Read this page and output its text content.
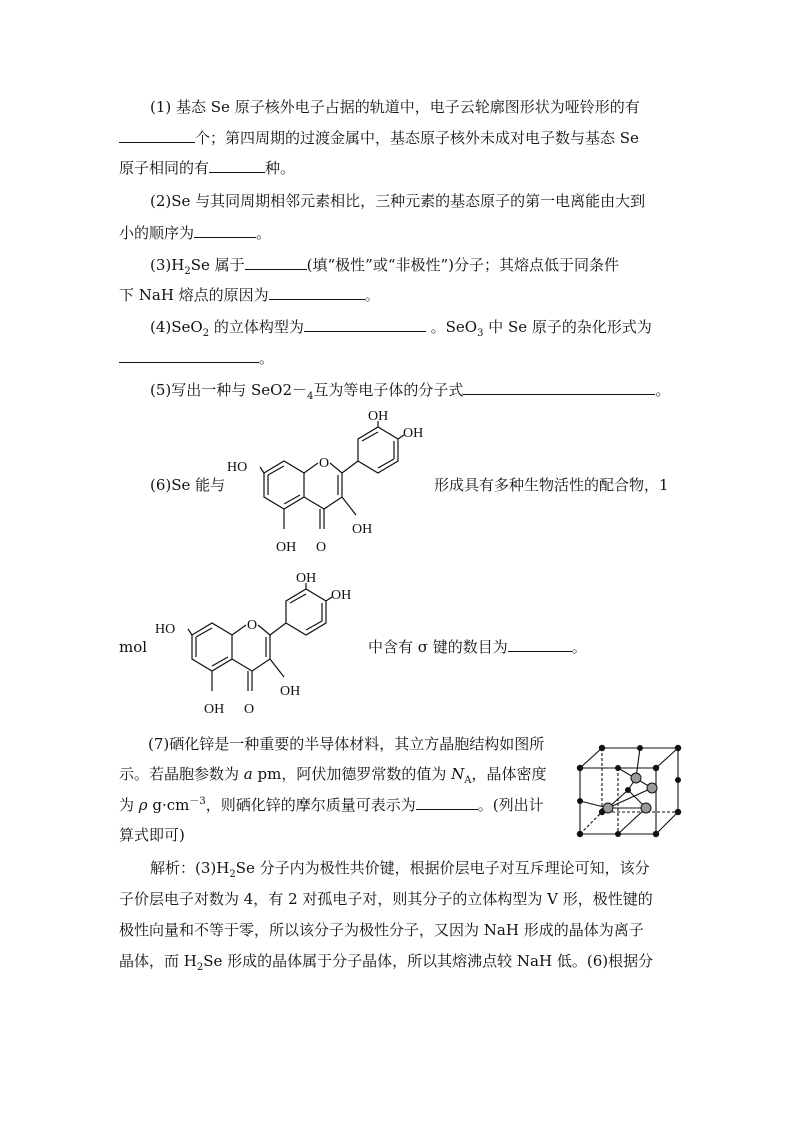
(1) 基态 Se 原子核外电子占据的轨道中，电子云轮廓图形状为哑铃形的有
个；第四周期的过渡金属中，基态原子核外未成对电子数与基态 Se
原子相同的有	种。
(2)Se 与其同周期相邻元素相比，三种元素的基态原子的第一电离能由大到
小的顺序为	。
$(3)H_2Se$ 属于	(填“极性”或“非极性”)分子；其熔点低于同条件
下 NaH 熔点的原因为	。
(4)SeO$_2$ 的立体构型为	。SeO$_3$ 中 Se 原子的杂化形式为
。
(5)写出一种与 $SeO2-_4$互为等电子体的分子式	。
(6)Se 能与	形成具有多种生物活性的配合物，1
OH
OH
HO	O
OH
OH O
mol	中含有 σ 键的数目为	。
OH
OH
HO	O
OH
OH O
(7)硒化锌是一种重要的半导体材料，其立方晶胞结构如图所
示。若晶胞参数为 a pm，阿伏加德罗常数的值为 $N_A$，晶体密度
为 ρ $g\cdot cm^{-3}$，则硒化锌的摩尔质量可表示为	。(列出计
算式即可)
解析：$(3)H_2Se$ 分子内为极性共价键，根据价层电子对互斥理论可知，该分
子价层电子对数为 4，有 2 对孤电子对，则其分子的立体构型为 V 形，极性键的
极性向量和不等于零，所以该分子为极性分子，又因为 NaH 形成的晶体为离子
晶体，而 $H_2Se$ 形成的晶体属于分子晶体，所以其熔沸点较 NaH 低。(6)根据分
